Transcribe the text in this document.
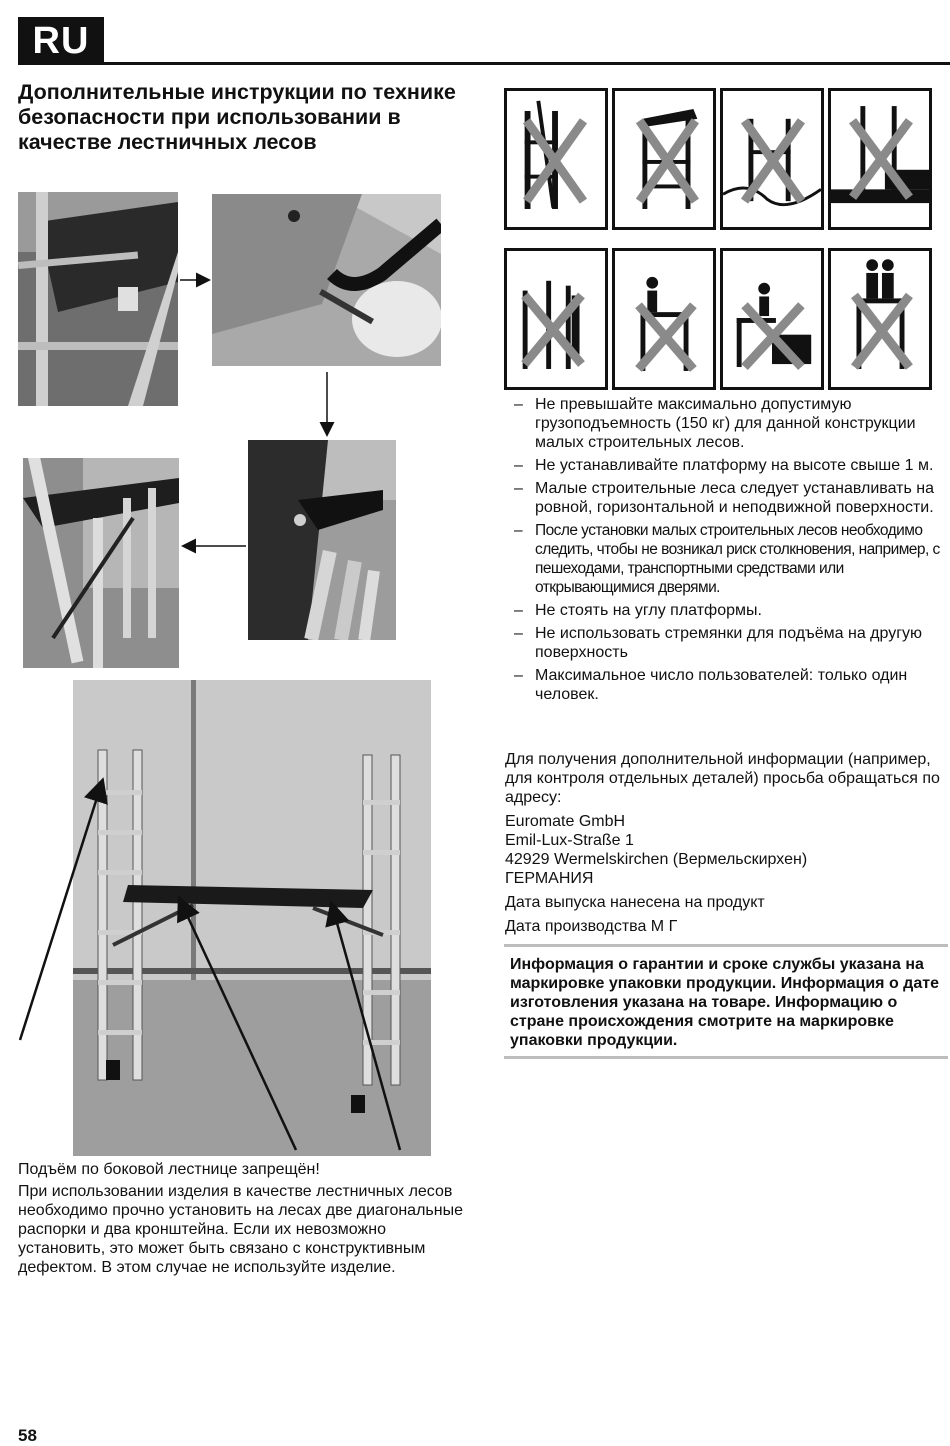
RU
Дополнительные инструкции по технике безопасности при использовании в качестве лестничных лесов

Подъём по боковой лестнице запрещён!

При использовании изделия в качестве лестничных лесов необходимо прочно установить на лесах две диагональные распорки и два кронштейна. Если их невозможно установить, это может быть связано с конструктивным дефектом. В этом случае не используйте изделие.

– Не превышайте максимально допустимую грузоподъемность (150 кг) для данной конструкции малых строительных лесов.
– Не устанавливайте платформу на высоте свыше 1 м.
– Малые строительные леса следует устанавливать на ровной, горизонтальной и неподвижной поверхности.
– После установки малых строительных лесов необходимо следить, чтобы не возникал риск столкновения, например, с пешеходами, транспортными средствами или открывающимися дверями.
– Не стоять на углу платформы.
– Не использовать стремянки для подъёма на другую поверхность
– Максимальное число пользователей: только один человек.

Для получения дополнительной информации (например, для контроля отдельных деталей) просьба обращаться по адресу:

Euromate GmbH
Emil-Lux-Straße 1
42929 Wermelskirchen (Вермельскирхен)
ГЕРМАНИЯ

Дата выпуска нанесена на продукт

Дата производства М Г

Информация о гарантии и сроке службы указана на маркировке упаковки продукции. Информация о дате изготовления указана на товаре. Информацию о стране происхождения смотрите на маркировке упаковки продукции.
58
